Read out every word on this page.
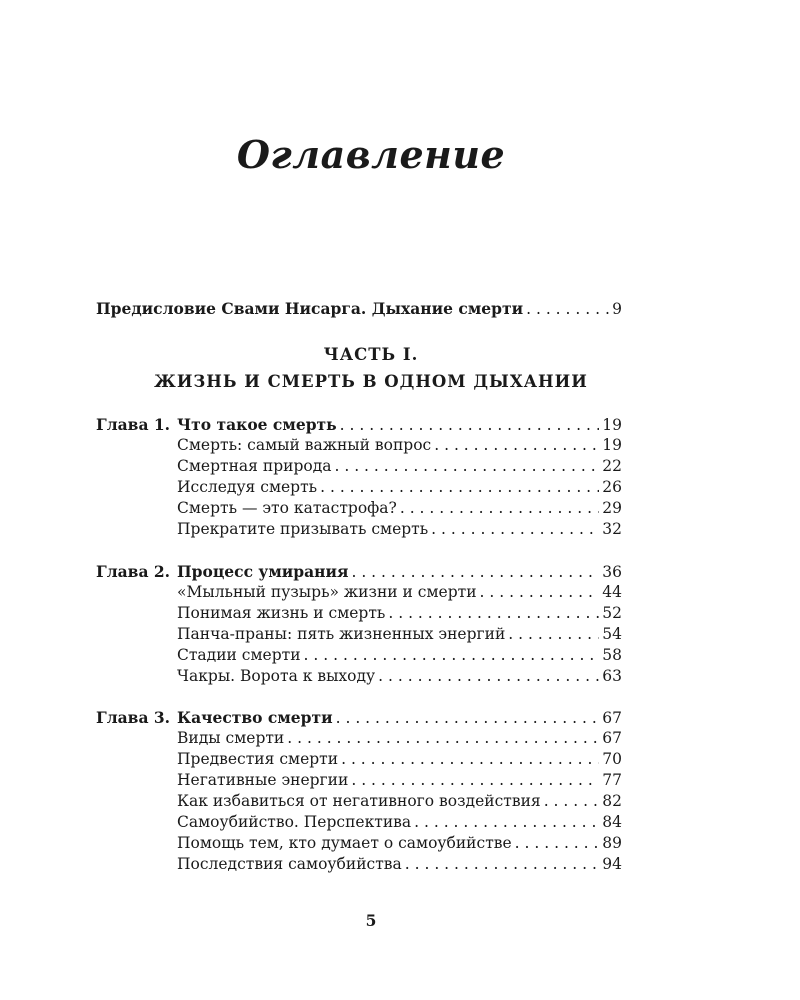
Оглавление
Предисловие Свами Нисарга. Дыхание смерти . . .	9
ЧАСТЬ I.
ЖИЗНЬ И СМЕРТЬ В ОДНОМ ДЫХАНИИ
Глава 1. Что такое смерть . . .	19
Смерть: самый важный вопрос . . .	19
Смертная природа . . .	22
Исследуя смерть . . .	26
Смерть — это катастрофа? . . .	29
Прекратите призывать смерть . . .	32
Глава 2. Процесс умирания . . .	36
«Мыльный пузырь» жизни и смерти . . .	44
Понимая жизнь и смерть . . .	52
Панча-праны: пять жизненных энергий . . .	54
Стадии смерти . . .	58
Чакры. Ворота к выходу . . .	63
Глава 3. Качество смерти . . .	67
Виды смерти . . .	67
Предвестия смерти . . .	70
Негативные энергии . . .	77
Как избавиться от негативного воздействия . . .	82
Самоубийство. Перспектива . . .	84
Помощь тем, кто думает о самоубийстве . . .	89
Последствия самоубийства . . .	94
5
